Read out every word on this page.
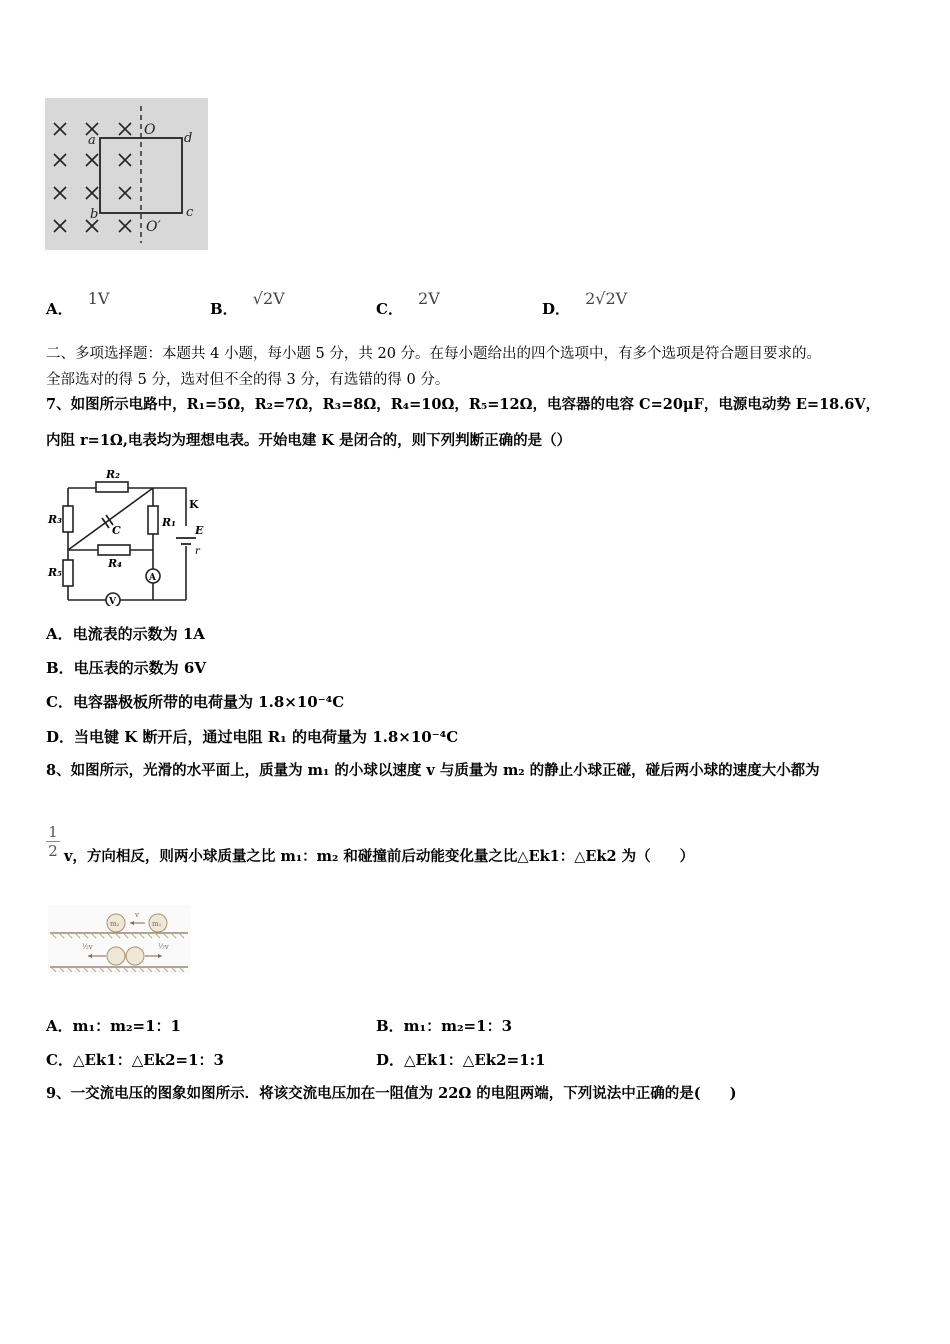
O
O′
a
b	c
d
A． 1V
B． √2V
C． 2V
D． 2√2V
二、多项选择题：本题共 4 小题，每小题 5 分，共 20 分。在每小题给出的四个选项中，有多个选项是符合题目要求的。
全部选对的得 5 分，选对但不全的得 3 分，有选错的得 0 分。
7、如图所示电路中，R₁=5Ω，R₂=7Ω，R₃=8Ω，R₄=10Ω，R₅=12Ω，电容器的电容 C=20μF，电源电动势 E=18.6V，
内阻 r=1Ω,电表均为理想电表。开始电建 K 是闭合的，则下列判断正确的是（）
R₂
R₃	R₁
R₄
R₅
C
K
E
r
A
V
A．电流表的示数为 1A
B．电压表的示数为 6V
C．电容器极板所带的电荷量为 1.8×10⁻⁴C
D．当电键 K 断开后，通过电阻 R₁ 的电荷量为 1.8×10⁻⁴C
8、如图所示，光滑的水平面上，质量为 m₁ 的小球以速度 v 与质量为 m₂ 的静止小球正碰，碰后两小球的速度大小都为
$\frac{1}{2}$ v，方向相反，则两小球质量之比 m₁：m₂ 和碰撞前后动能变化量之比△Ek1：△Ek2 为（　　）
m₂	m₁
v
½v	½v
A．m₁：m₂=1：1	B．m₁：m₂=1：3
C．△Ek1：△Ek2=1：3	D．△Ek1：△Ek2=1:1
9、一交流电压的图象如图所示．将该交流电压加在一阻值为 22Ω 的电阻两端，下列说法中正确的是(　　)
